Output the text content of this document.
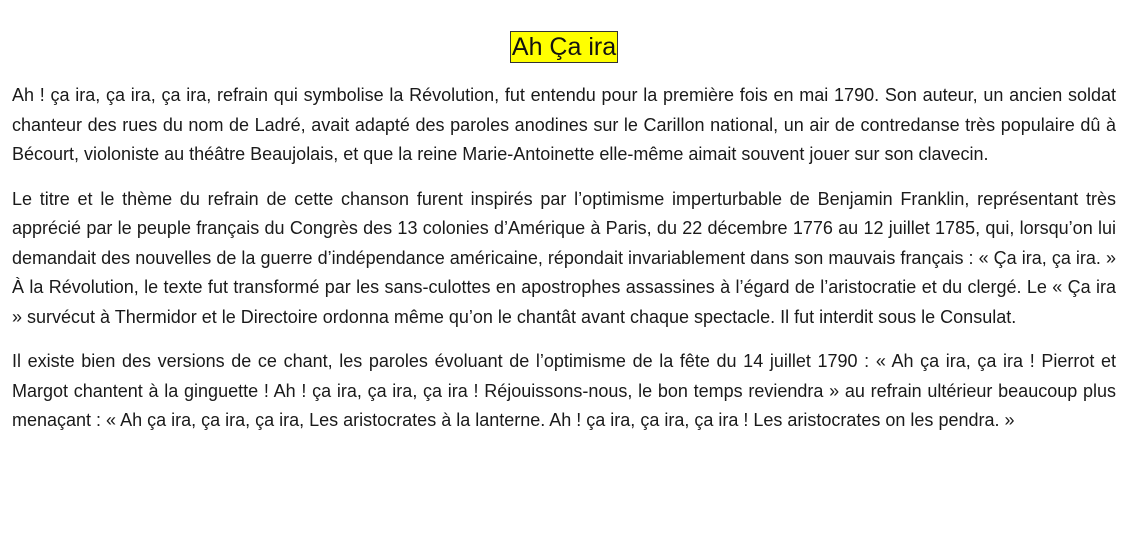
Ah Ça ira

Ah ! ça ira, ça ira, ça ira, refrain qui symbolise la Révolution, fut entendu pour la première fois en mai 1790. Son auteur, un ancien soldat chanteur des rues du nom de Ladré, avait adapté des paroles anodines sur le Carillon national, un air de contredanse très populaire dû à Bécourt, violoniste au théâtre Beaujolais, et que la reine Marie-Antoinette elle-même aimait souvent jouer sur son clavecin.

Le titre et le thème du refrain de cette chanson furent inspirés par l’optimisme imperturbable de Benjamin Franklin, représentant très apprécié par le peuple français du Congrès des 13 colonies d’Amérique à Paris, du 22 décembre 1776 au 12 juillet 1785, qui, lorsqu’on lui demandait des nouvelles de la guerre d’indépendance américaine, répondait invariablement dans son mauvais français : « Ça ira, ça ira. » À la Révolution, le texte fut transformé par les sans-culottes en apostrophes assassines à l’égard de l’aristocratie et du clergé. Le « Ça ira » survécut à Thermidor et le Directoire ordonna même qu’on le chantât avant chaque spectacle. Il fut interdit sous le Consulat.

Il existe bien des versions de ce chant, les paroles évoluant de l’optimisme de la fête du 14 juillet 1790 : « Ah ça ira, ça ira ! Pierrot et Margot chantent à la ginguette ! Ah ! ça ira, ça ira, ça ira ! Réjouissons-nous, le bon temps reviendra » au refrain ultérieur beaucoup plus menaçant : « Ah ça ira, ça ira, ça ira, Les aristocrates à la lanterne. Ah ! ça ira, ça ira, ça ira ! Les aristocrates on les pendra. »
